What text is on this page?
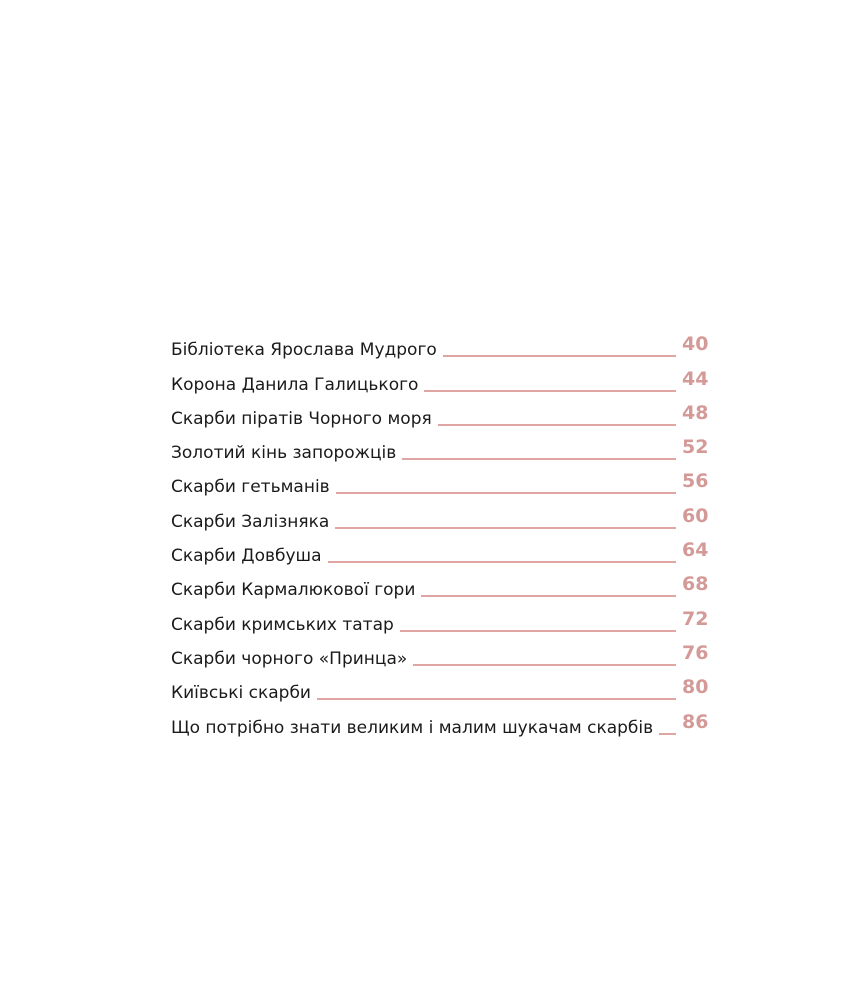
Бібліотека Ярослава Мудрого	40
Корона Данила Галицького	44
Скарби піратів Чорного моря	48
Золотий кінь запорожців	52
Скарби гетьманів	56
Скарби Залізняка	60
Скарби Довбуша	64
Скарби Кармалюкової гори	68
Скарби кримських татар	72
Скарби чорного «Принца»	76
Київські скарби	80
Що потрібно знати великим і малим шукачам скарбів 86
